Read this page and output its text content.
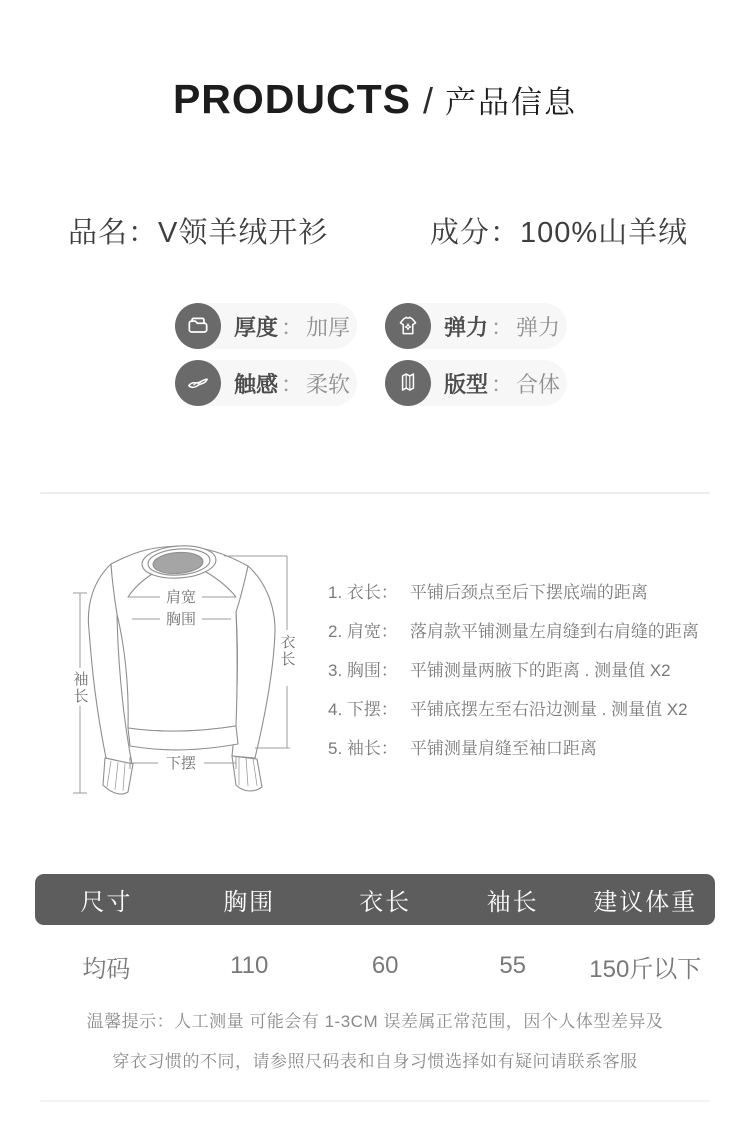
PRODUCTS / 产品信息
品名：V领羊绒开衫	成分：100%山羊绒
厚度 ： 加厚	弹力 ： 弹力
触感 ： 柔软	版型 ： 合体
肩宽
胸围
下摆
袖长
衣长
1. 衣长： 平铺后颈点至后下摆底端的距离
2. 肩宽： 落肩款平铺测量左肩缝到右肩缝的距离
3. 胸围： 平铺测量两腋下的距离 . 测量值 X2
4. 下摆： 平铺底摆左至右沿边测量 . 测量值 X2
5. 袖长： 平铺测量肩缝至袖口距离
尺寸	胸围	衣长	袖长	建议体重
均码	110	60	55	150斤以下
温馨提示：人工测量 可能会有 1-3CM 误差属正常范围，因个人体型差异及
穿衣习惯的不同，请参照尺码表和自身习惯选择如有疑问请联系客服
